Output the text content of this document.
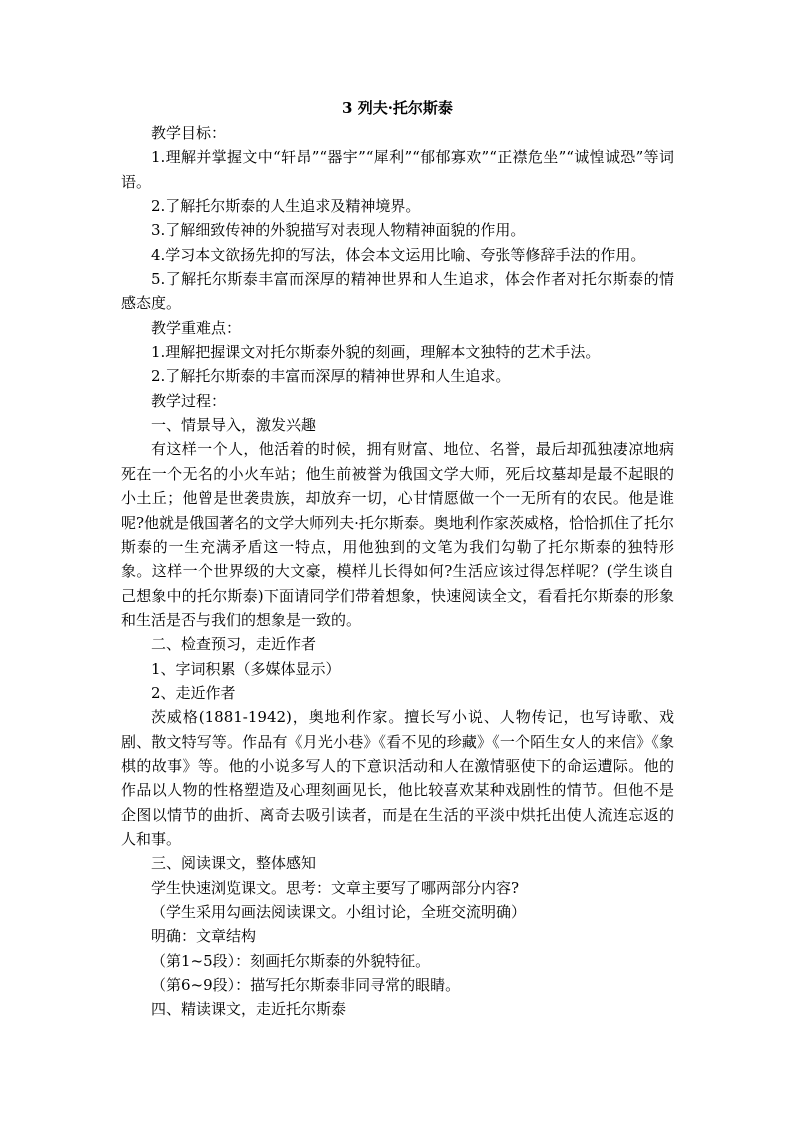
3 列夫·托尔斯泰

教学目标：

1.理解并掌握文中“轩昂”“器宇”“犀利”“郁郁寡欢”“正襟危坐”“诚惶诚恐”等词语。

2.了解托尔斯泰的人生追求及精神境界。

3.了解细致传神的外貌描写对表现人物精神面貌的作用。

4.学习本文欲扬先抑的写法，体会本文运用比喻、夸张等修辞手法的作用。

5.了解托尔斯泰丰富而深厚的精神世界和人生追求，体会作者对托尔斯泰的情感态度。

教学重难点：

1.理解把握课文对托尔斯泰外貌的刻画，理解本文独特的艺术手法。

2.了解托尔斯泰的丰富而深厚的精神世界和人生追求。

教学过程：

一、情景导入，激发兴趣

有这样一个人，他活着的时候，拥有财富、地位、名誉，最后却孤独凄凉地病死在一个无名的小火车站；他生前被誉为俄国文学大师，死后坟墓却是最不起眼的小土丘；他曾是世袭贵族，却放弃一切，心甘情愿做一个一无所有的农民。他是谁呢?他就是俄国著名的文学大师列夫·托尔斯泰。奥地利作家茨威格，恰恰抓住了托尔斯泰的一生充满矛盾这一特点，用他独到的文笔为我们勾勒了托尔斯泰的独特形象。这样一个世界级的大文豪，模样儿长得如何?生活应该过得怎样呢？(学生谈自己想象中的托尔斯泰)下面请同学们带着想象，快速阅读全文，看看托尔斯泰的形象和生活是否与我们的想象是一致的。

二、检查预习，走近作者

1、字词积累（多媒体显示）

2、走近作者

茨威格(1881-1942)，奥地利作家。擅长写小说、人物传记，也写诗歌、戏剧、散文特写等。作品有《月光小巷》《看不见的珍藏》《一个陌生女人的来信》《象棋的故事》等。他的小说多写人的下意识活动和人在激情驱使下的命运遭际。他的作品以人物的性格塑造及心理刻画见长，他比较喜欢某种戏剧性的情节。但他不是企图以情节的曲折、离奇去吸引读者，而是在生活的平淡中烘托出使人流连忘返的人和事。

三、阅读课文，整体感知

学生快速浏览课文。思考：文章主要写了哪两部分内容?

（学生采用勾画法阅读课文。小组讨论，全班交流明确）

明确：文章结构

（第1~5段）：刻画托尔斯泰的外貌特征。

（第6~9段）：描写托尔斯泰非同寻常的眼睛。

四、精读课文，走近托尔斯泰
